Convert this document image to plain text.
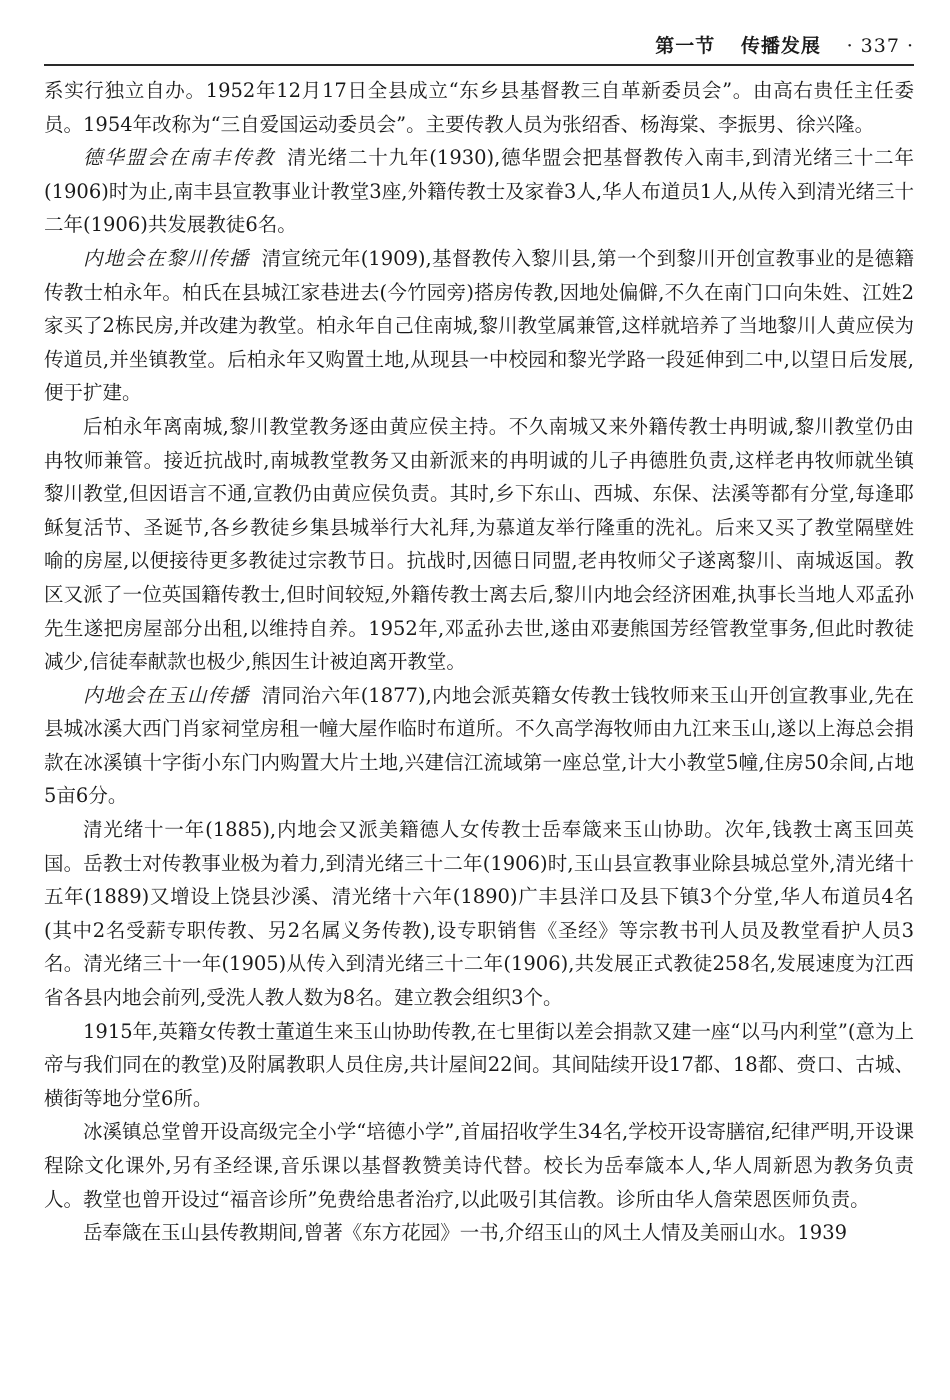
第一节 传播发展 · 337 ·

系实行独立自办。1952年12月17日全县成立“东乡县基督教三自革新委员会”。由高右贵任主任委员。1954年改称为“三自爱国运动委员会”。主要传教人员为张绍香、杨海棠、李振男、徐兴隆。

德华盟会在南丰传教 清光绪二十九年(1930),德华盟会把基督教传入南丰,到清光绪三十二年(1906)时为止,南丰县宣教事业计教堂3座,外籍传教士及家眷3人,华人布道员1人,从传入到清光绪三十二年(1906)共发展教徒6名。

内地会在黎川传播 清宣统元年(1909),基督教传入黎川县,第一个到黎川开创宣教事业的是德籍传教士柏永年。柏氏在县城江家巷进去(今竹园旁)搭房传教,因地处偏僻,不久在南门口向朱姓、江姓2家买了2栋民房,并改建为教堂。柏永年自己住南城,黎川教堂属兼管,这样就培养了当地黎川人黄应侯为传道员,并坐镇教堂。后柏永年又购置土地,从现县一中校园和黎光学路一段延伸到二中,以望日后发展,便于扩建。

后柏永年离南城,黎川教堂教务逐由黄应侯主持。不久南城又来外籍传教士冉明诚,黎川教堂仍由冉牧师兼管。接近抗战时,南城教堂教务又由新派来的冉明诚的儿子冉德胜负责,这样老冉牧师就坐镇黎川教堂,但因语言不通,宣教仍由黄应侯负责。其时,乡下东山、西城、东保、法溪等都有分堂,每逢耶稣复活节、圣诞节,各乡教徒乡集县城举行大礼拜,为慕道友举行隆重的洗礼。后来又买了教堂隔壁姓喻的房屋,以便接待更多教徒过宗教节日。抗战时,因德日同盟,老冉牧师父子遂离黎川、南城返国。教区又派了一位英国籍传教士,但时间较短,外籍传教士离去后,黎川内地会经济困难,执事长当地人邓孟孙先生遂把房屋部分出租,以维持自养。1952年,邓孟孙去世,遂由邓妻熊国芳经管教堂事务,但此时教徒减少,信徒奉献款也极少,熊因生计被迫离开教堂。

内地会在玉山传播 清同治六年(1877),内地会派英籍女传教士钱牧师来玉山开创宣教事业,先在县城冰溪大西门肖家祠堂房租一幢大屋作临时布道所。不久高学海牧师由九江来玉山,遂以上海总会捐款在冰溪镇十字街小东门内购置大片土地,兴建信江流域第一座总堂,计大小教堂5幢,住房50余间,占地5亩6分。

清光绪十一年(1885),内地会又派美籍德人女传教士岳奉箴来玉山协助。次年,钱教士离玉回英国。岳教士对传教事业极为着力,到清光绪三十二年(1906)时,玉山县宣教事业除县城总堂外,清光绪十五年(1889)又增设上饶县沙溪、清光绪十六年(1890)广丰县洋口及县下镇3个分堂,华人布道员4名(其中2名受薪专职传教、另2名属义务传教),设专职销售《圣经》等宗教书刊人员及教堂看护人员3名。清光绪三十一年(1905)从传入到清光绪三十二年(1906),共发展正式教徒258名,发展速度为江西省各县内地会前列,受洗人教人数为8名。建立教会组织3个。

1915年,英籍女传教士董道生来玉山协助传教,在七里街以差会捐款又建一座“以马内利堂”(意为上帝与我们同在的教堂)及附属教职人员住房,共计屋间22间。其间陆续开设17都、18都、赍口、古城、横街等地分堂6所。

冰溪镇总堂曾开设高级完全小学“培德小学”,首届招收学生34名,学校开设寄膳宿,纪律严明,开设课程除文化课外,另有圣经课,音乐课以基督教赞美诗代替。校长为岳奉箴本人,华人周新恩为教务负责人。教堂也曾开设过“福音诊所”免费给患者治疗,以此吸引其信教。诊所由华人詹荣恩医师负责。

岳奉箴在玉山县传教期间,曾著《东方花园》一书,介绍玉山的风土人情及美丽山水。1939
